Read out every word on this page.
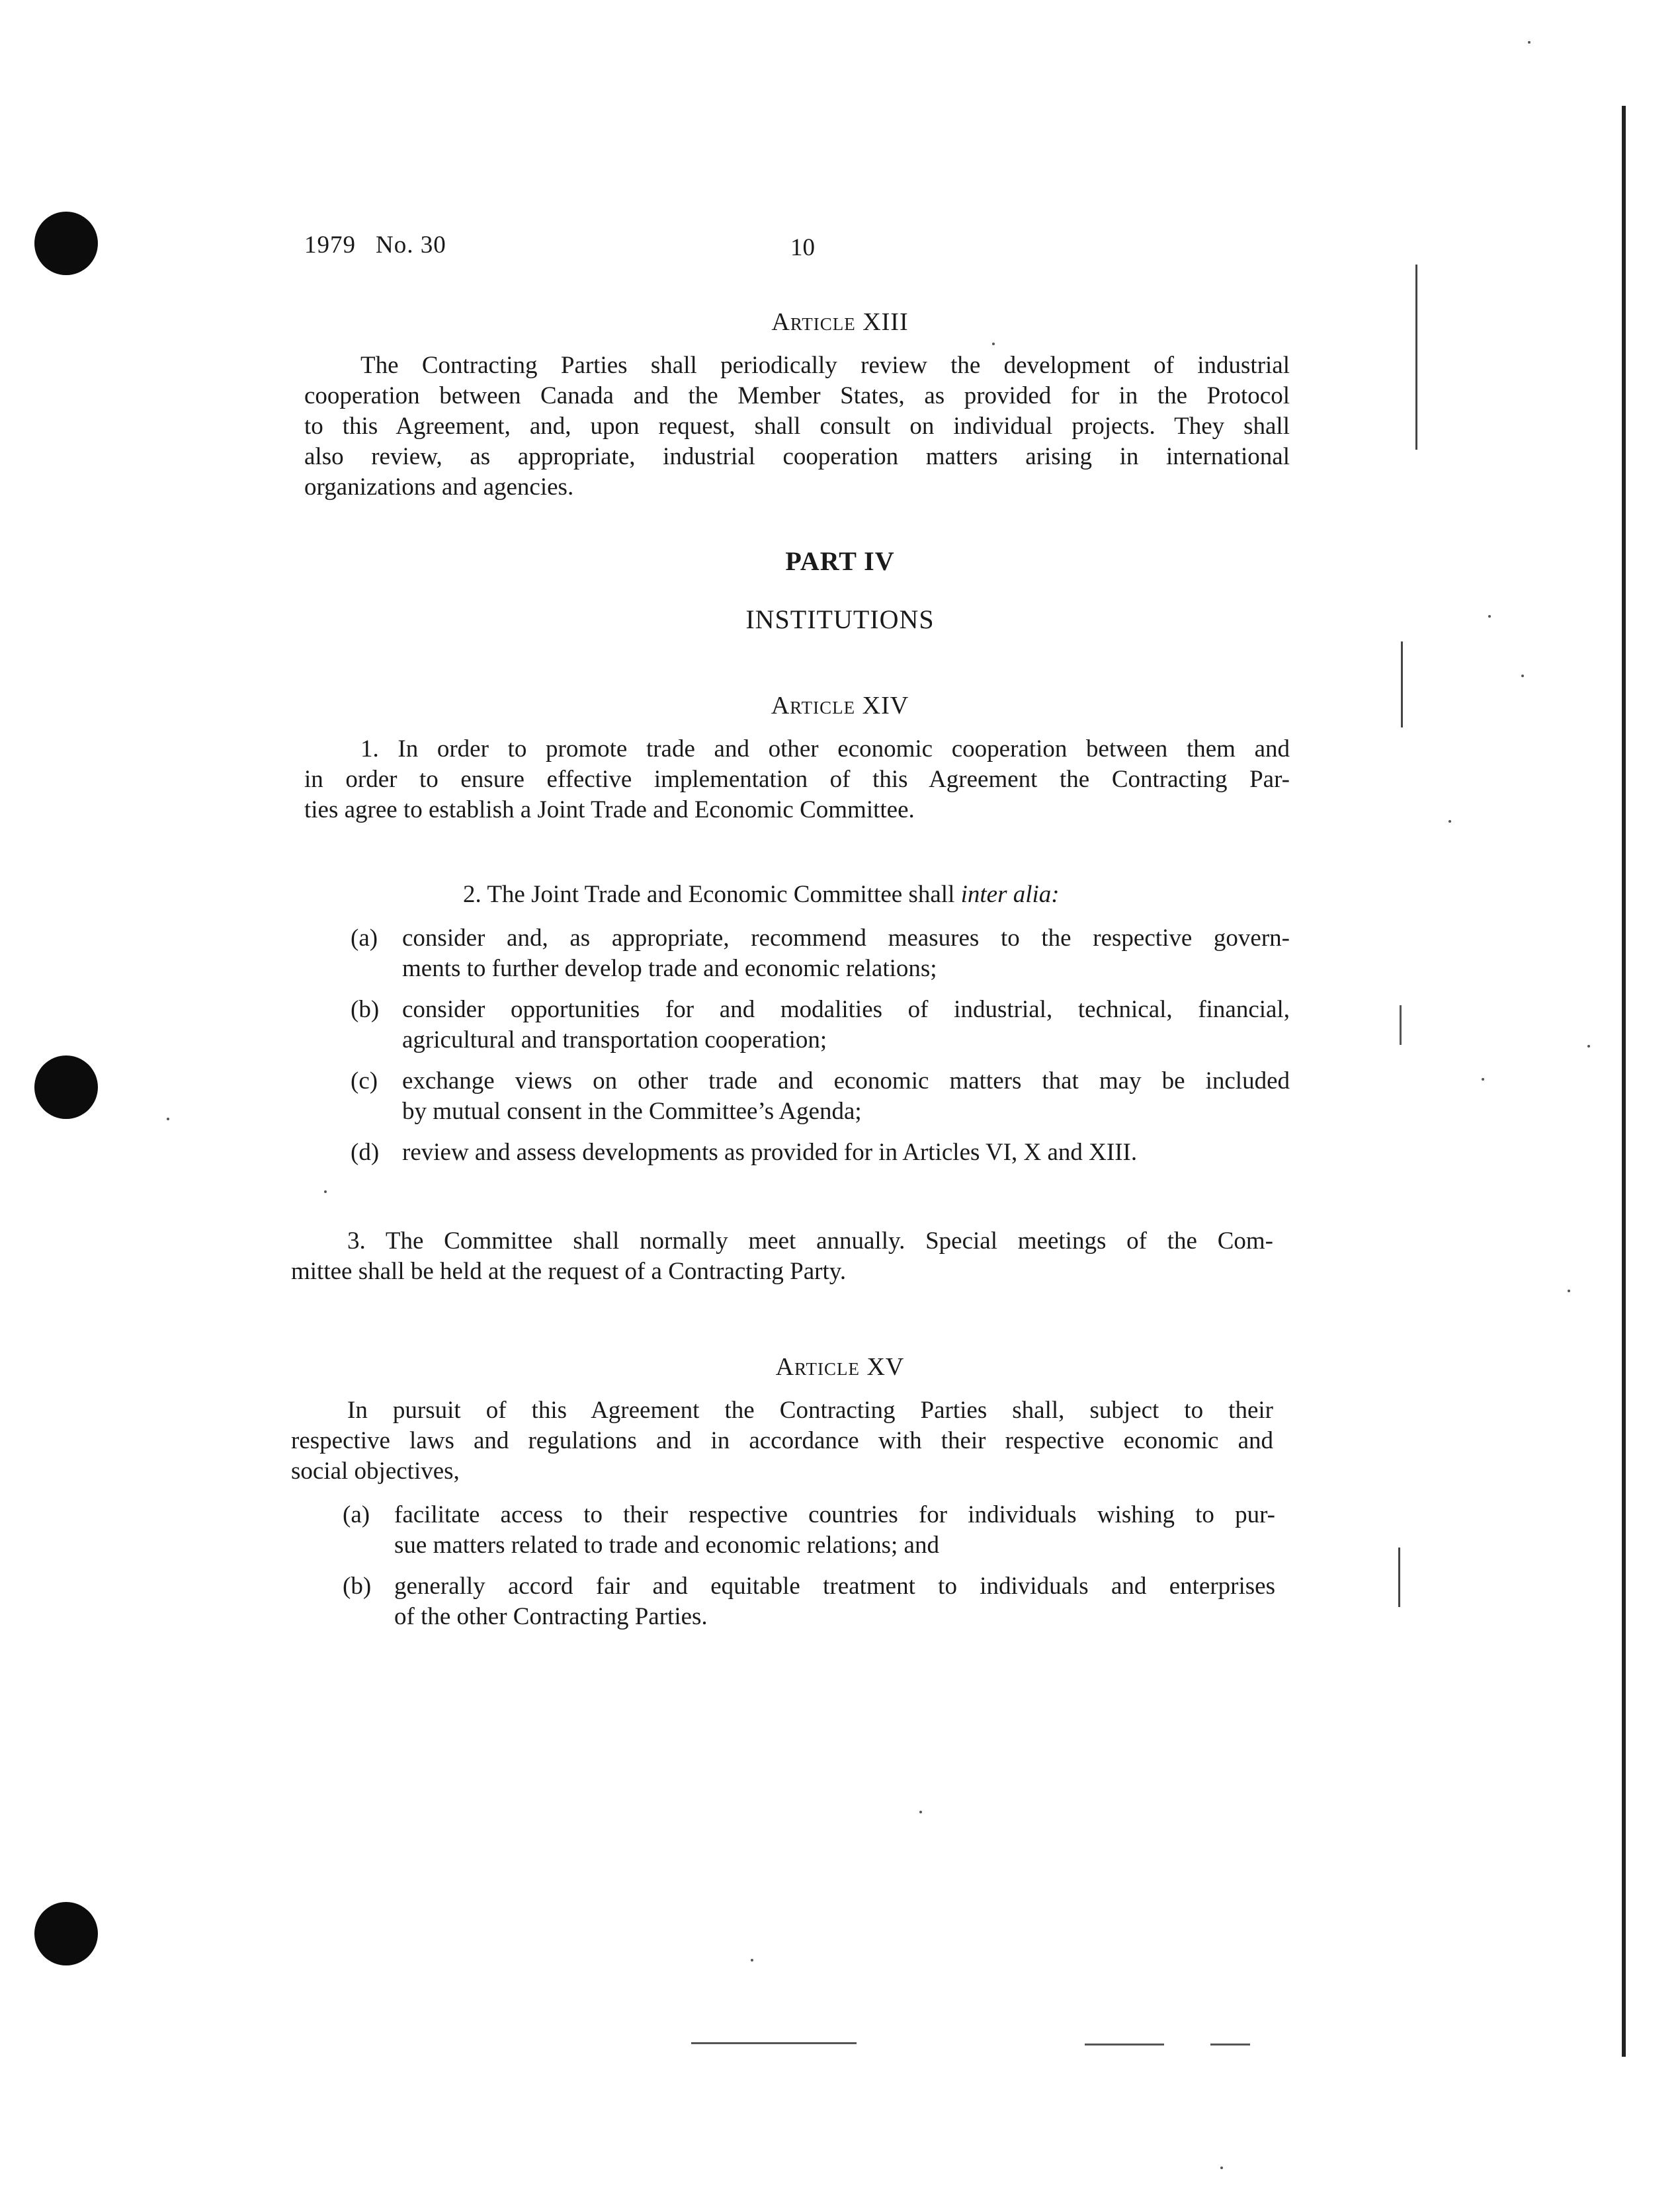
1979 No. 30	10
Article XIII
The Contracting Parties shall periodically review the development of industrial
cooperation between Canada and the Member States, as provided for in the Protocol
to this Agreement, and, upon request, shall consult on individual projects. They shall
also review, as appropriate, industrial cooperation matters arising in international
organizations and agencies.
PART IV
INSTITUTIONS
Article XIV
1. In order to promote trade and other economic cooperation between them and
in order to ensure effective implementation of this Agreement the Contracting Par-
ties agree to establish a Joint Trade and Economic Committee.
2. The Joint Trade and Economic Committee shall inter alia:
(a) consider and, as appropriate, recommend measures to the respective govern-
ments to further develop trade and economic relations;
(b) consider opportunities for and modalities of industrial, technical, financial,
agricultural and transportation cooperation;
(c) exchange views on other trade and economic matters that may be included
by mutual consent in the Committee’s Agenda;
(d) review and assess developments as provided for in Articles VI, X and XIII.
3. The Committee shall normally meet annually. Special meetings of the Com-
mittee shall be held at the request of a Contracting Party.
Article XV
In pursuit of this Agreement the Contracting Parties shall, subject to their
respective laws and regulations and in accordance with their respective economic and
social objectives,
(a) facilitate access to their respective countries for individuals wishing to pur-
sue matters related to trade and economic relations; and
(b) generally accord fair and equitable treatment to individuals and enterprises
of the other Contracting Parties.
